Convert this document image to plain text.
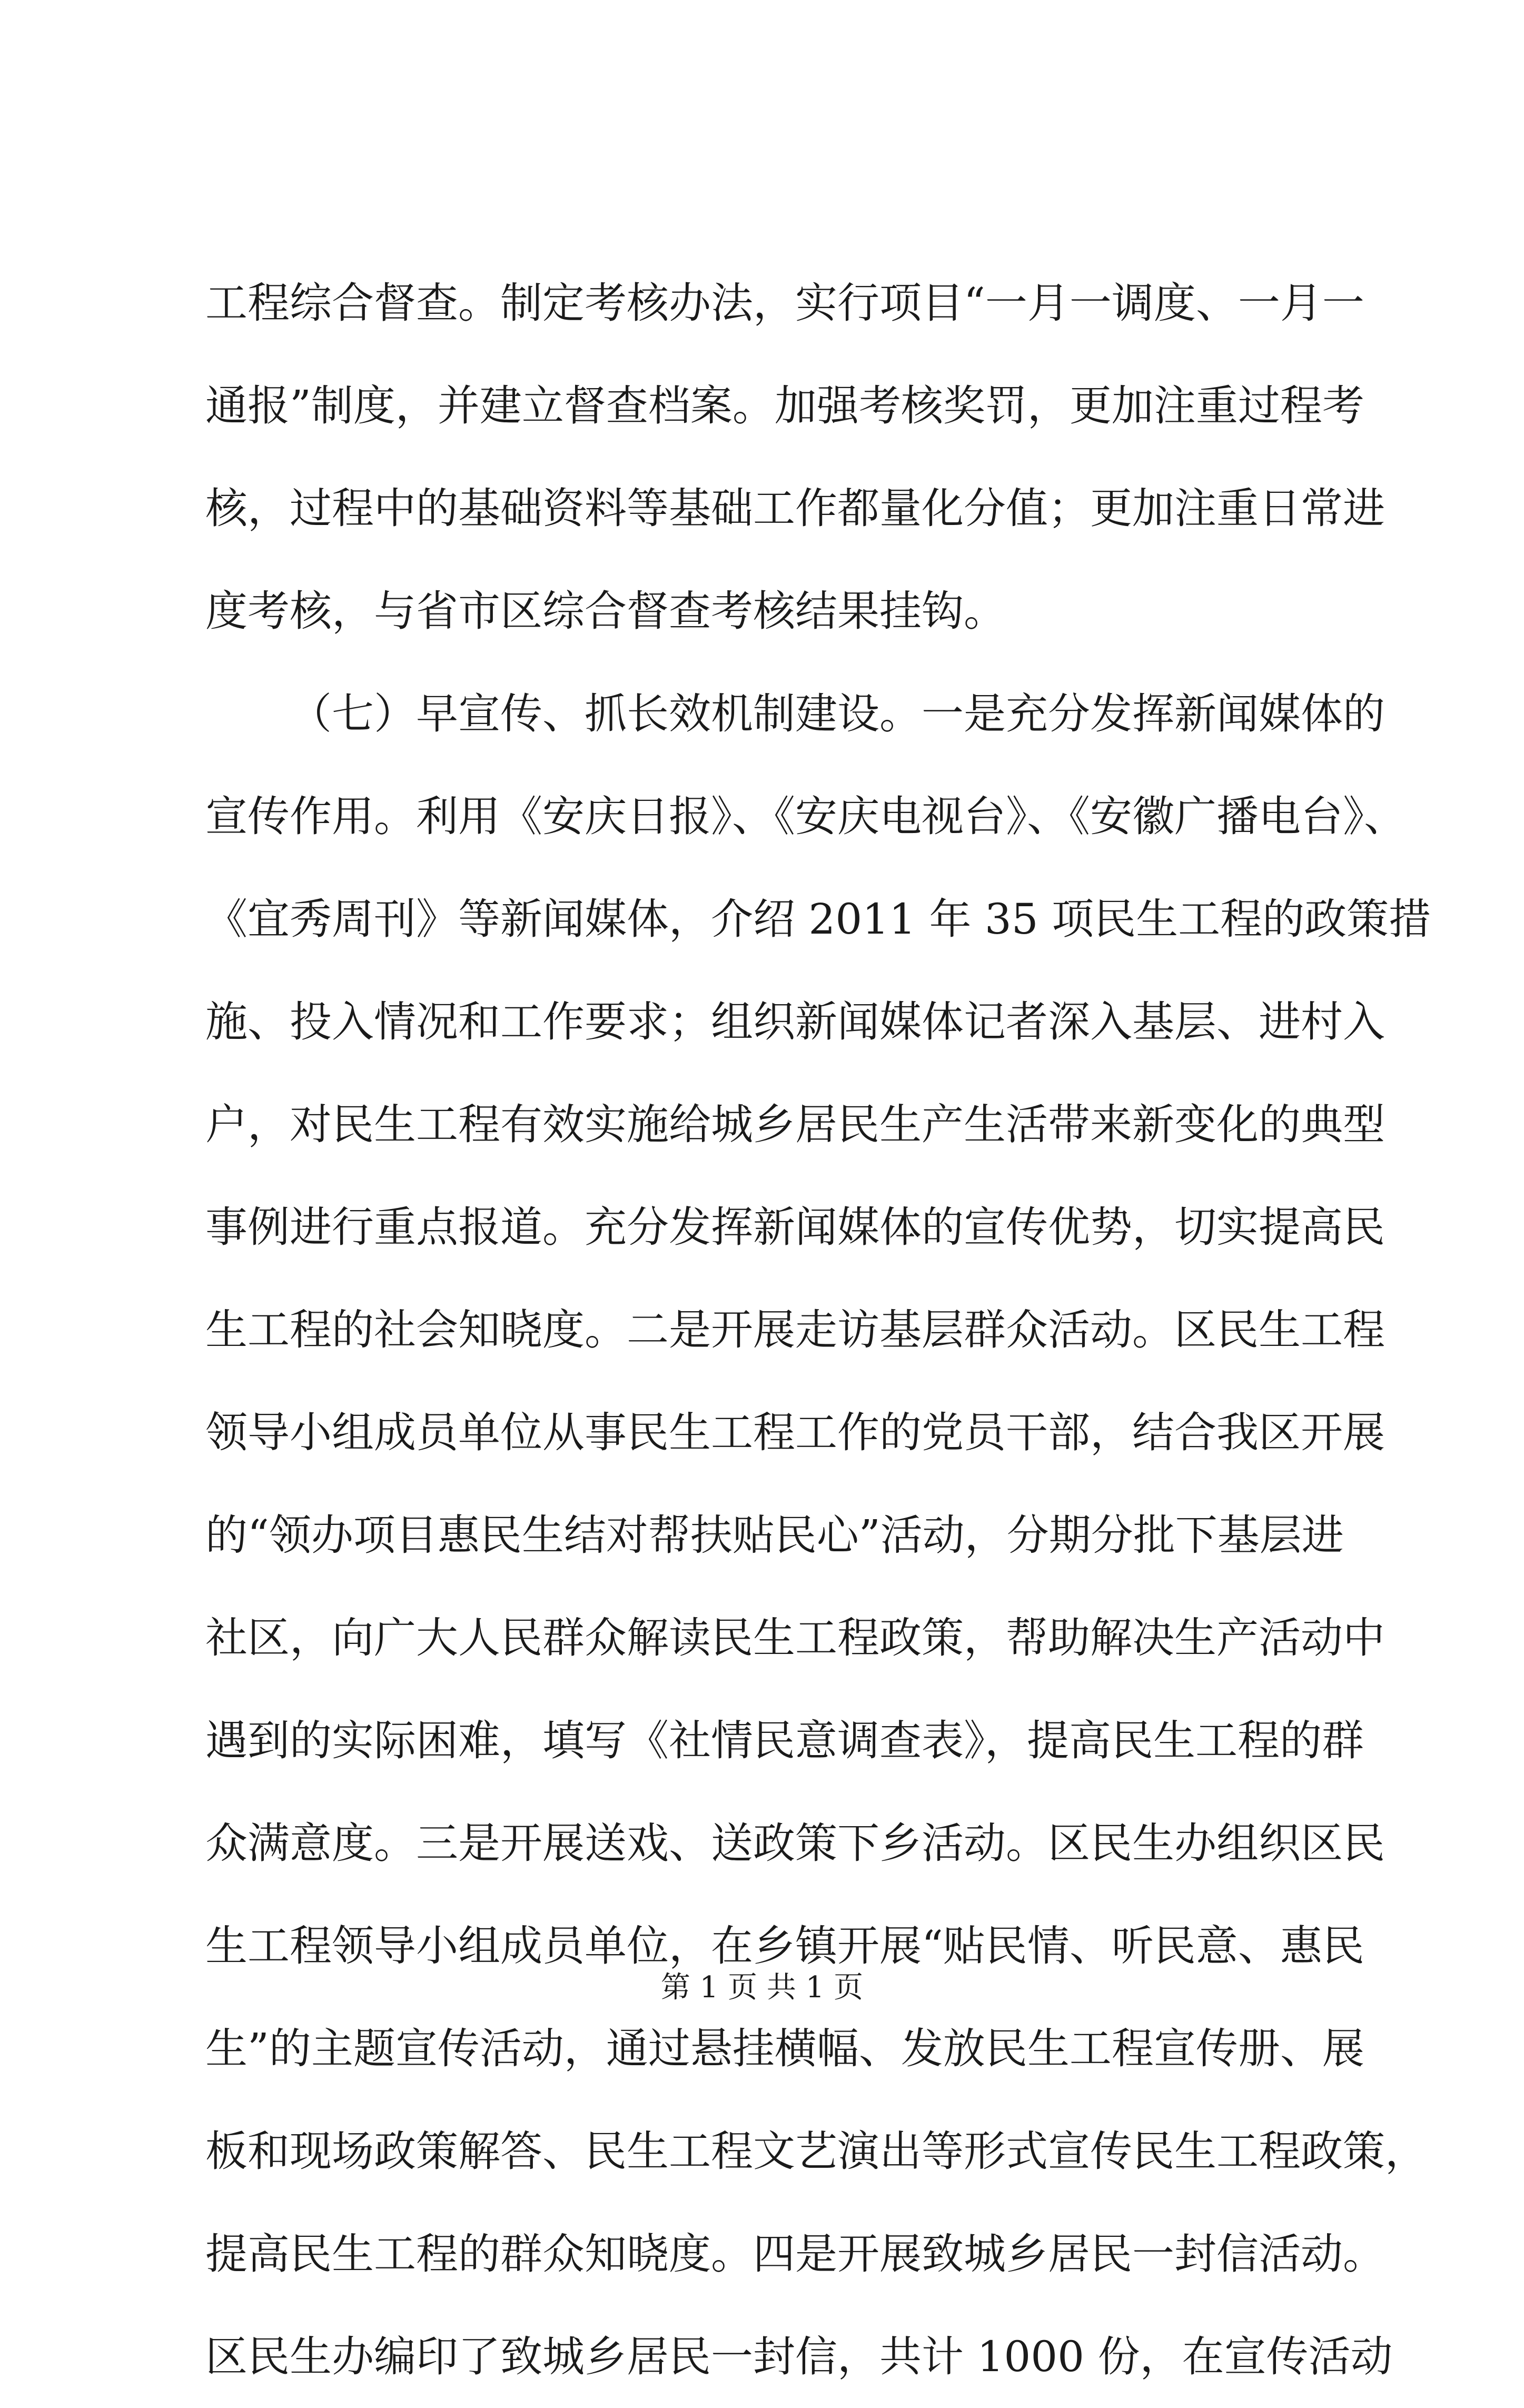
工程综合督查。制定考核办法，实行项目“一月一调度、一月一
通报”制度，并建立督查档案。加强考核奖罚，更加注重过程考
核，过程中的基础资料等基础工作都量化分值；更加注重日常进
度考核，与省市区综合督查考核结果挂钩。
（七）早宣传、抓长效机制建设。一是充分发挥新闻媒体的
宣传作用。利用《安庆日报》、《安庆电视台》、《安徽广播电台》、
《宜秀周刊》等新闻媒体，介绍 2011 年 35 项民生工程的政策措
施、投入情况和工作要求；组织新闻媒体记者深入基层、进村入
户，对民生工程有效实施给城乡居民生产生活带来新变化的典型
事例进行重点报道。充分发挥新闻媒体的宣传优势，切实提高民
生工程的社会知晓度。二是开展走访基层群众活动。区民生工程
领导小组成员单位从事民生工程工作的党员干部，结合我区开展
的“领办项目惠民生结对帮扶贴民心”活动，分期分批下基层进
社区，向广大人民群众解读民生工程政策，帮助解决生产活动中
遇到的实际困难，填写《社情民意调查表》，提高民生工程的群
众满意度。三是开展送戏、送政策下乡活动。区民生办组织区民
生工程领导小组成员单位，在乡镇开展“贴民情、听民意、惠民
生”的主题宣传活动，通过悬挂横幅、发放民生工程宣传册、展
板和现场政策解答、民生工程文艺演出等形式宣传民生工程政策，
提高民生工程的群众知晓度。四是开展致城乡居民一封信活动。
区民生办编印了致城乡居民一封信，共计 1000 份，在宣传活动
第 1 页 共 1 页
